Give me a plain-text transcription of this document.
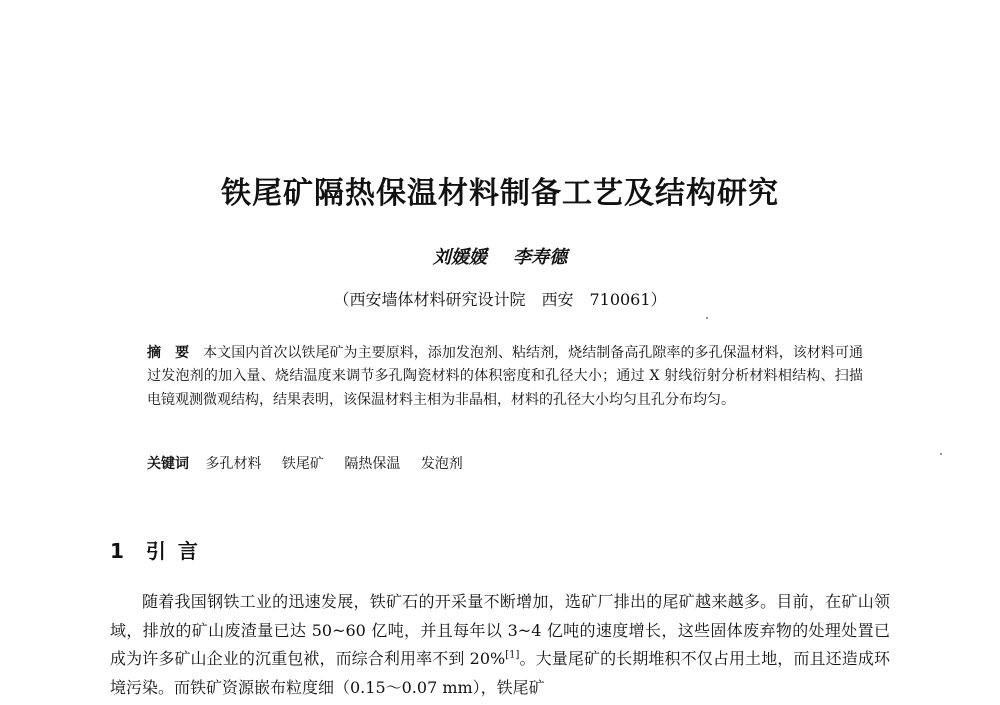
铁尾矿隔热保温材料制备工艺及结构研究
刘媛媛 李寿德
（西安墙体材料研究设计院　西安　710061）
摘　要 本文国内首次以铁尾矿为主要原料，添加发泡剂、粘结剂，烧结制备高孔隙率的多孔保温材料，该材料可通过发泡剂的加入量、烧结温度来调节多孔陶瓷材料的体积密度和孔径大小；通过 X 射线衍射分析材料相结构、扫描电镜观测微观结构，结果表明，该保温材料主相为非晶相，材料的孔径大小均匀且孔分布均匀。
关键词 多孔材料 铁尾矿 隔热保温 发泡剂
1 引言
随着我国钢铁工业的迅速发展，铁矿石的开采量不断增加，选矿厂排出的尾矿越来越多。目前，在矿山领域，排放的矿山废渣量已达 50~60 亿吨，并且每年以 3~4 亿吨的速度增长，这些固体废弃物的处理处置已成为许多矿山企业的沉重包袱，而综合利用率不到 20%[1]。大量尾矿的长期堆积不仅占用土地，而且还造成环境污染。而铁矿资源嵌布粒度细（0.15～0.07 mm），铁尾矿
